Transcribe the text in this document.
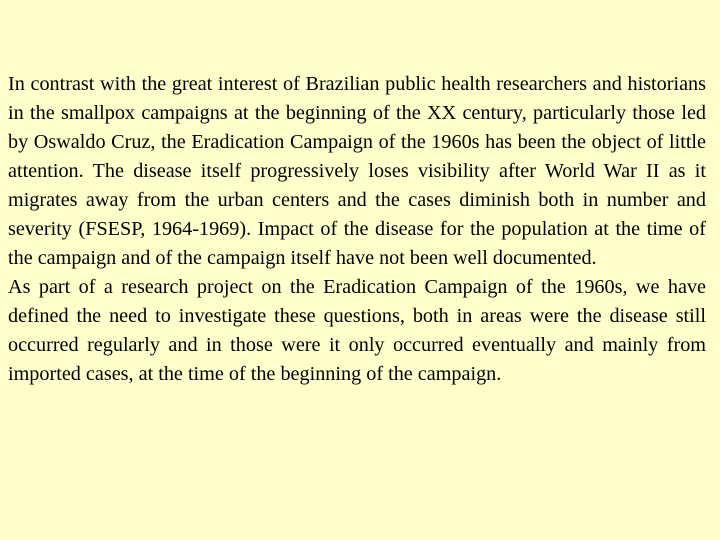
In contrast with the great interest of Brazilian public health researchers and historians in the smallpox campaigns at the beginning of the XX century, particularly those led by Oswaldo Cruz, the Eradication Campaign of the 1960s has been the object of little attention. The disease itself progressively loses visibility after World War II as it migrates away from the urban centers and the cases diminish both in number and severity (FSESP, 1964-1969). Impact of the disease for the population at the time of the campaign and of the campaign itself have not been well documented.

As part of a research project on the Eradication Campaign of the 1960s, we have defined the need to investigate these questions, both in areas were the disease still occurred regularly and in those were it only occurred eventually and mainly from imported cases, at the time of the beginning of the campaign.
